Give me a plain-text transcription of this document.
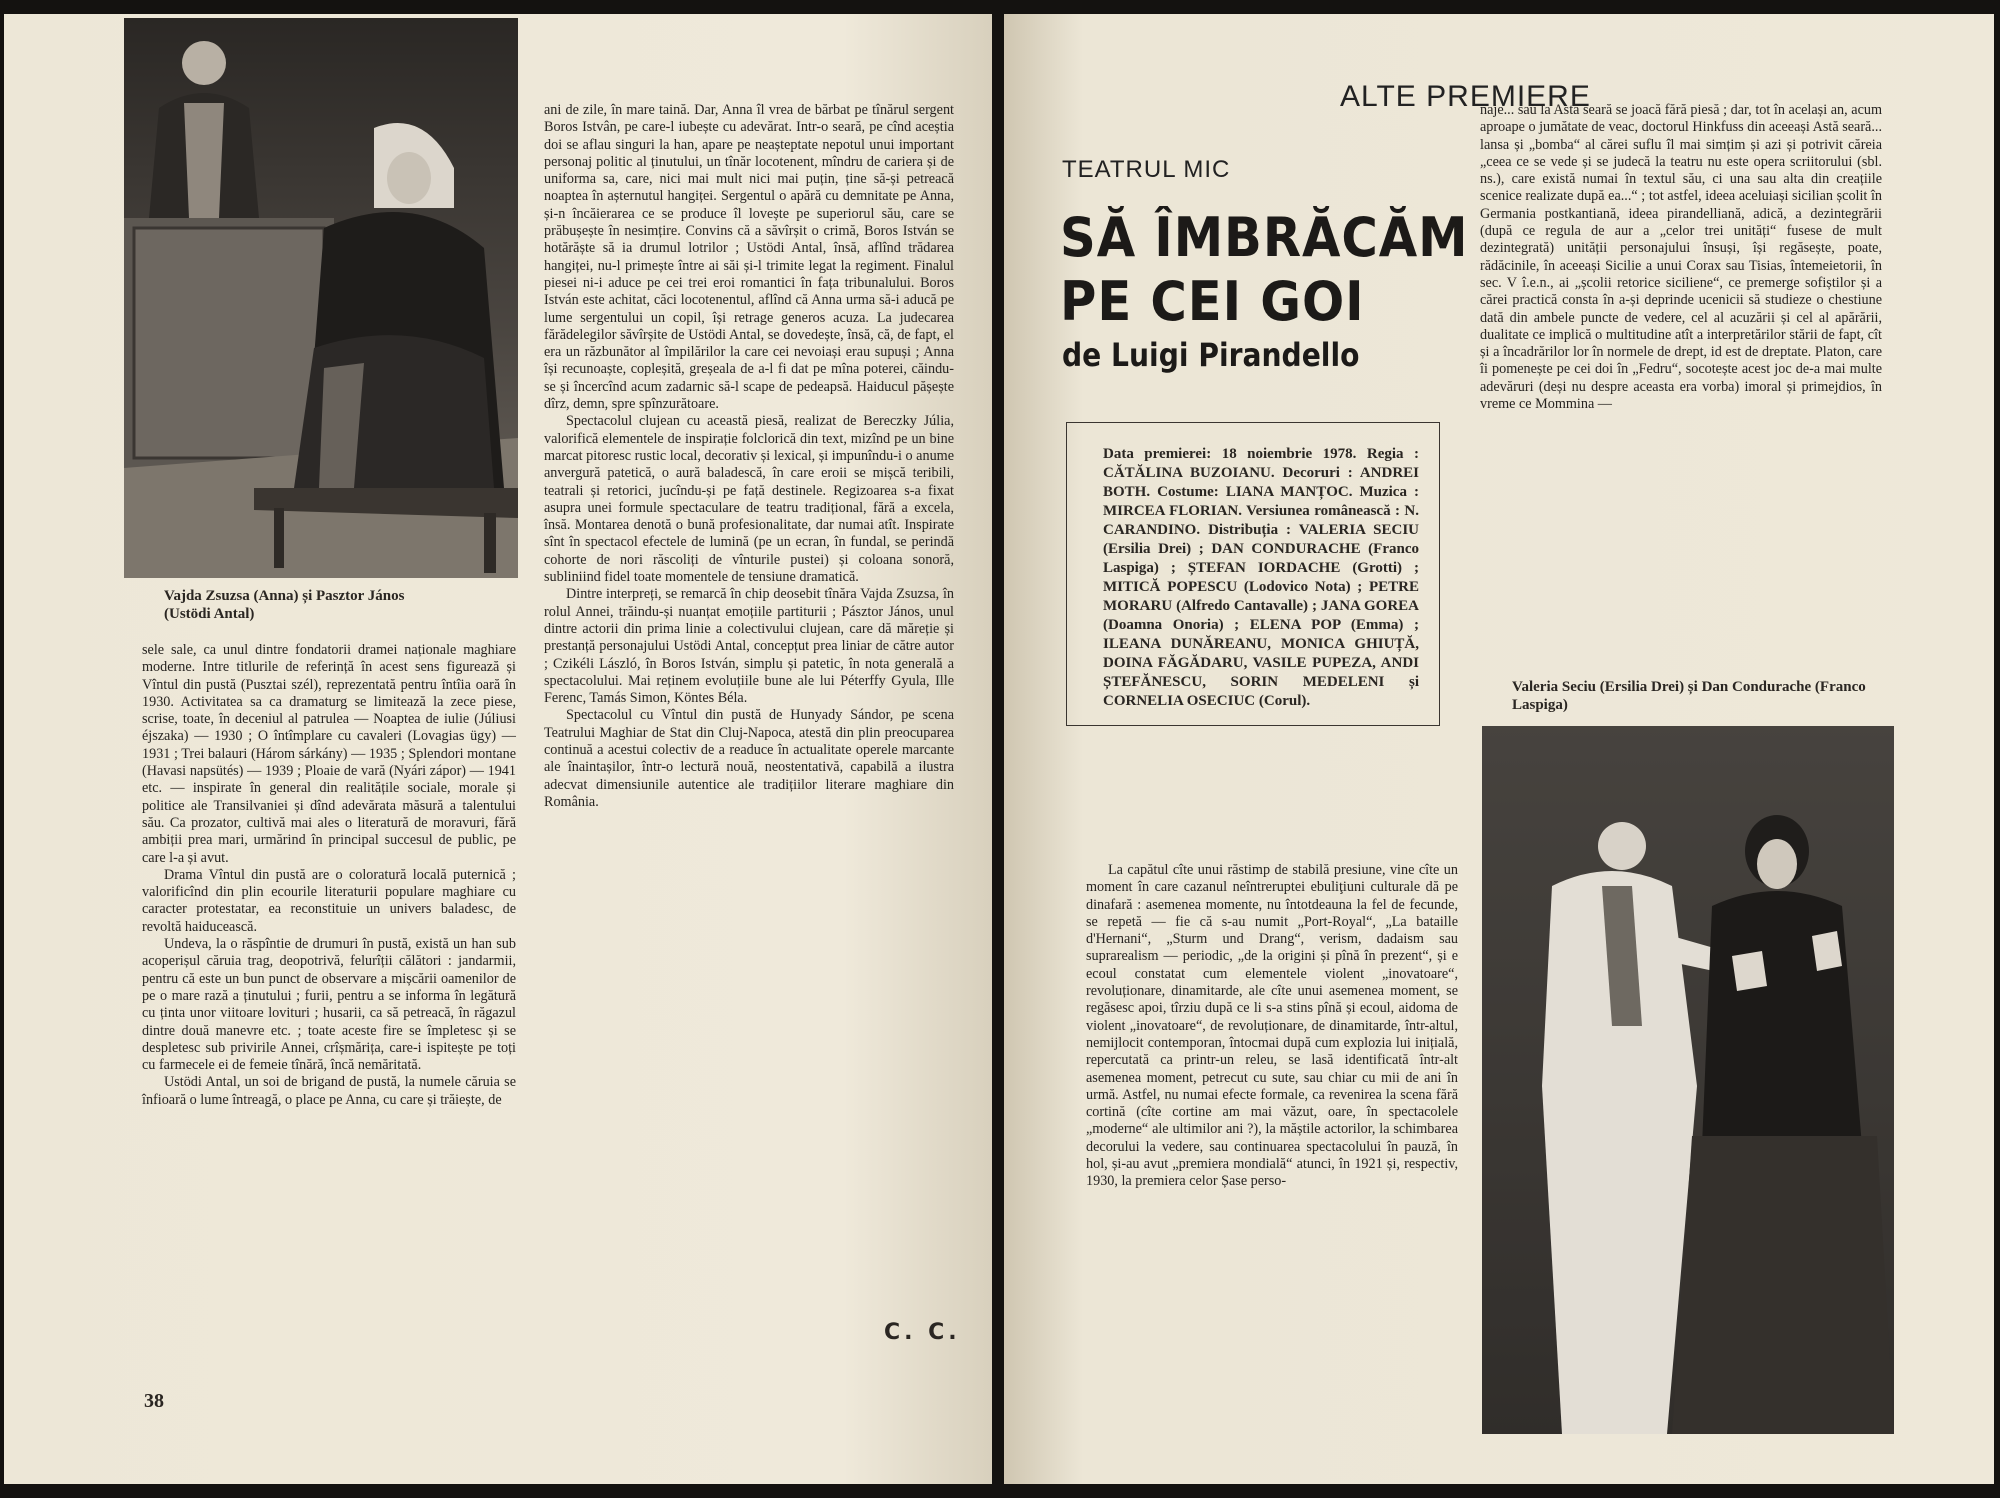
Vajda Zsuzsa (Anna) și Pasztor János
(Ustödi Antal)

sele sale, ca unul dintre fondatorii dramei naționale maghiare moderne. Intre titlurile de referință în acest sens figurează și Vîntul din pustă (Pusztai szél), reprezentată pentru întîia oară în 1930. Activitatea sa ca dramaturg se limitează la zece piese, scrise, toate, în deceniul al patrulea — Noaptea de iulie (Júliusi éjszaka) — 1930 ; O întîmplare cu cavaleri (Lovagias ügy) — 1931 ; Trei balauri (Három sárkány) — 1935 ; Splendori montane (Havasi napsütés) — 1939 ; Ploaie de vară (Nyári zápor) — 1941 etc. — inspirate în general din realitățile sociale, morale și politice ale Transilvaniei și dînd adevărata măsură a talentului său. Ca prozator, cultivă mai ales o literatură de moravuri, fără ambiții prea mari, urmărind în principal succesul de public, pe care l-a și avut.

Drama Vîntul din pustă are o coloratură locală puternică ; valorificînd din plin ecourile literaturii populare maghiare cu caracter protestatar, ea reconstituie un univers baladesc, de revoltă haiducească.

Undeva, la o răspîntie de drumuri în pustă, există un han sub acoperișul căruia trag, deopotrivă, felurîții călători : jandarmii, pentru că este un bun punct de observare a mișcării oamenilor de pe o mare rază a ținutului ; furii, pentru a se informa în legătură cu ținta unor viitoare lovituri ; husarii, ca să petreacă, în răgazul dintre două manevre etc. ; toate aceste fire se împletesc și se despletesc sub privirile Annei, crîșmărița, care-i ispitește pe toți cu farmecele ei de femeie tînără, încă nemăritată.

Ustödi Antal, un soi de brigand de pustă, la numele căruia se înfioară o lume întreagă, o place pe Anna, cu care și trăiește, de

ani de zile, în mare taină. Dar, Anna îl vrea de bărbat pe tînărul sergent Boros Istvân, pe care-l iubește cu adevărat. Intr-o seară, pe cînd aceștia doi se aflau singuri la han, apare pe neașteptate nepotul unui important personaj politic al ținutului, un tînăr locotenent, mîndru de cariera și de uniforma sa, care, nici mai mult nici mai puțin, ține să-și petreacă noaptea în așternutul hangiței. Sergentul o apără cu demnitate pe Anna, și-n încăierarea ce se produce îl lovește pe superiorul său, care se prăbușește în nesimțire. Convins că a săvîrșit o crimă, Boros István se hotărăște să ia drumul lotrilor ; Ustödi Antal, însă, aflînd trădarea hangiței, nu-l primește între ai săi și-l trimite legat la regiment. Finalul piesei ni-i aduce pe cei trei eroi romantici în fața tribunalului. Boros István este achitat, căci locotenentul, aflînd că Anna urma să-i aducă pe lume sergentului un copil, își retrage generos acuza. La judecarea fărădelegilor săvîrșite de Ustödi Antal, se dovedește, însă, că, de fapt, el era un răzbunător al împilărilor la care cei nevoiași erau supuși ; Anna își recunoaște, copleșită, greșeala de a-l fi dat pe mîna poterei, căindu-se și încercînd acum zadarnic să-l scape de pedeapsă. Haiducul pășește dîrz, demn, spre spînzurătoare.

Spectacolul clujean cu această piesă, realizat de Bereczky Júlia, valorifică elementele de inspirație folclorică din text, mizînd pe un bine marcat pitoresc rustic local, decorativ și lexical, și impunîndu-i o anume anvergură patetică, o aură baladescă, în care eroii se mișcă teribili, teatrali și retorici, jucîndu-și pe față destinele. Regizoarea s-a fixat asupra unei formule spectaculare de teatru tradițional, fără a excela, însă. Montarea denotă o bună profesionalitate, dar numai atît. Inspirate sînt în spectacol efectele de lumină (pe un ecran, în fundal, se perindă cohorte de nori răscoliți de vînturile pustei) și coloana sonoră, subliniind fidel toate momentele de tensiune dramatică.

Dintre interpreți, se remarcă în chip deosebit tînăra Vajda Zsuzsa, în rolul Annei, trăindu-și nuanțat emoțiile partiturii ; Pásztor János, unul dintre actorii din prima linie a colectivului clujean, care dă măreție și prestanță personajului Ustödi Antal, concepțut prea liniar de către autor ; Czikéli László, în Boros István, simplu și patetic, în nota generală a spectacolului. Mai reținem evoluțiile bune ale lui Péterffy Gyula, Ille Ferenc, Tamás Simon, Köntes Béla.

Spectacolul cu Vîntul din pustă de Hunyady Sándor, pe scena Teatrului Maghiar de Stat din Cluj-Napoca, atestă din plin preocuparea continuă a acestui colectiv de a readuce în actualitate operele marcante ale înaintașilor, într-o lectură nouă, neostentativă, capabilă a ilustra adecvat dimensiunile autentice ale tradițiilor literare maghiare din România.

C. C.
38
ALTE PREMIERE
TEATRUL MIC
SĂ ÎMBRĂCĂM
PE CEI GOI
de Luigi Pirandello
Data premierei: 18 noiembrie 1978. Regia : CĂTĂLINA BUZOIANU. Decoruri : ANDREI BOTH. Costume: LIANA MANȚOC. Muzica : MIRCEA FLORIAN. Versiunea românească : N. CARANDINO. Distribuția : VALERIA SECIU (Ersilia Drei) ; DAN CONDURACHE (Franco Laspiga) ; ȘTEFAN IORDACHE (Grotti) ; MITICĂ POPESCU (Lodovico Nota) ; PETRE MORARU (Alfredo Cantavalle) ; JANA GOREA (Doamna Onoria) ; ELENA POP (Emma) ; ILEANA DUNĂREANU, MONICA GHIUȚĂ, DOINA FĂGĂDARU, VASILE PUPEZA, ANDI ȘTEFĂNESCU, SORIN MEDELENI și CORNELIA OSECIUC (Corul).

La capătul cîte unui răstimp de stabilă presiune, vine cîte un moment în care cazanul neîntreruptei ebuliţiuni culturale dă pe dinafară : asemenea momente, nu întotdeauna la fel de fecunde, se repetă — fie că s-au numit „Port-Royal“, „La bataille d'Hernani“, „Sturm und Drang“, verism, dadaism sau suprarealism — periodic, „de la origini și pînă în prezent“, și e ecoul constatat cum elementele violent „inovatoare“, revoluționare, dinamitarde, ale cîte unui asemenea moment, se regăsesc apoi, tîrziu după ce li s-a stins pînă și ecoul, aidoma de violent „inovatoare“, de revoluționare, de dinamitarde, într-altul, nemijlocit contemporan, întocmai după cum explozia lui inițială, repercutată ca printr-un releu, se lasă identificată într-alt asemenea moment, petrecut cu sute, sau chiar cu mii de ani în urmă. Astfel, nu numai efecte formale, ca revenirea la scena fără cortină (cîte cortine am mai văzut, oare, în spectacolele „moderne“ ale ultimilor ani ?), la măștile actorilor, la schimbarea decorului la vedere, sau continuarea spectacolului în pauză, în hol, și-au avut „premiera mondială“ atunci, în 1921 și, respectiv, 1930, la premiera celor Șase perso-

naje... sau la Astă seară se joacă fără piesă ; dar, tot în același an, acum aproape o jumătate de veac, doctorul Hinkfuss din aceeași Astă seară... lansa și „bomba“ al cărei suflu îl mai simțim și azi și potrivit căreia „ceea ce se vede și se judecă la teatru nu este opera scriitorului (sbl. ns.), care există numai în textul său, ci una sau alta din creațiile scenice realizate după ea...“ ; tot astfel, ideea aceluiași sicilian școlit în Germania postkantiană, ideea pirandelliană, adică, a dezintegrării (după ce regula de aur a „celor trei unități“ fusese de mult dezintegrată) unității personajului însuși, își regăsește, poate, rădăcinile, în aceeași Sicilie a unui Corax sau Tisias, întemeietorii, în sec. V î.e.n., ai „școlii retorice siciliene“, ce premerge sofiștilor și a cărei practică consta în a-și deprinde ucenicii să studieze o chestiune dată din ambele puncte de vedere, cel al acuzării și cel al apărării, dualitate ce implică o multitudine atît a interpretărilor stării de fapt, cît și a încadrărilor lor în normele de drept, id est de dreptate. Platon, care îi pomenește pe cei doi în „Fedru“, socotește acest joc de-a mai multe adevăruri (deși nu despre aceasta era vorba) imoral și primejdios, în vreme ce Mommina —

Valeria Seciu (Ersilia Drei) și Dan Condurache (Franco Laspiga)
